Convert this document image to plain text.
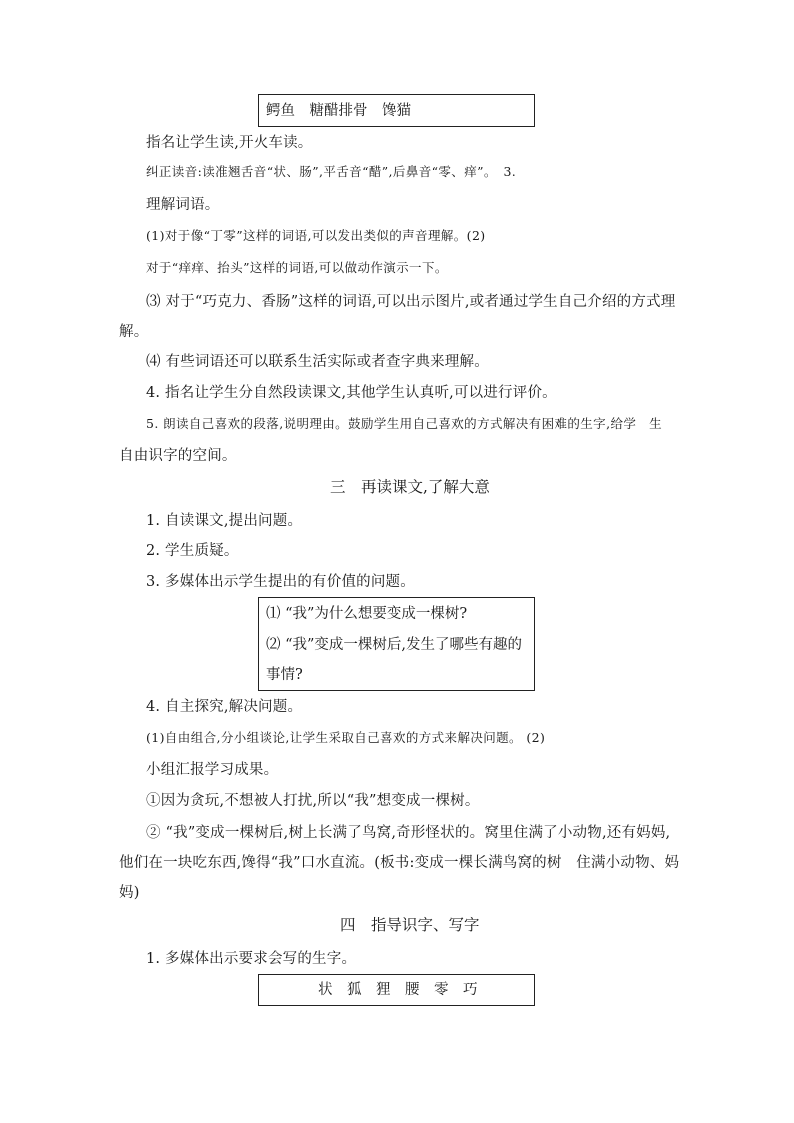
鳄鱼　糖醋排骨　馋猫
指名让学生读,开火车读。
纠正读音:读准翘舌音“状、肠”,平舌音“醋”,后鼻音“零、痒”。　3.
理解词语。
(1)对于像“丁零”这样的词语,可以发出类似的声音理解。(2)
对于“痒痒、抬头”这样的词语,可以做动作演示一下。
⑶ 对于“巧克力、香肠”这样的词语,可以出示图片,或者通过学生自己介绍的方式理
解。
⑷ 有些词语还可以联系生活实际或者查字典来理解。
4. 指名让学生分自然段读课文,其他学生认真听,可以进行评价。
5. 朗读自己喜欢的段落,说明理由。鼓励学生用自己喜欢的方式解决有困难的生字,给学　生
自由识字的空间。
三　再读课文,了解大意
1. 自读课文,提出问题。
2. 学生质疑。
3. 多媒体出示学生提出的有价值的问题。
⑴ “我”为什么想要变成一棵树?
⑵ “我”变成一棵树后,发生了哪些有趣的
事情?
4. 自主探究,解决问题。
(1)自由组合,分小组谈论,让学生采取自己喜欢的方式来解决问题。 (2)
小组汇报学习成果。
①因为贪玩,不想被人打扰,所以“我”想变成一棵树。
② “我”变成一棵树后,树上长满了鸟窝,奇形怪状的。窝里住满了小动物,还有妈妈,
他们在一块吃东西,馋得“我”口水直流。(板书:变成一棵长满鸟窝的树　住满小动物、妈
妈)
四　指导识字、写字
1. 多媒体出示要求会写的生字。
状　狐　狸　腰　零　巧
